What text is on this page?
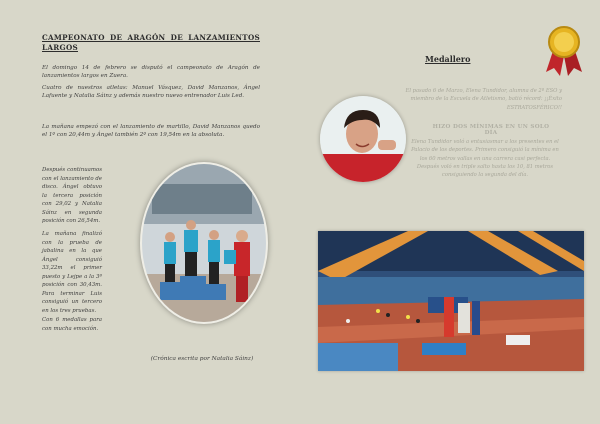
CAMPEONATO DE ARAGÓN DE LANZAMIENTOS LARGOS
El domingo 14 de febrero se disputó el campeonato de Aragón de lanzamientos largos en Zuera.
Cuatro de nuestros atletas: Manuel Vásquez, David Manzanos, Ángel Lafuente y Natalia Sáinz y además nuestro nuevo entrenador Luis Led.
La mañana empezó con el lanzamiento de martillo, David Manzanos quedo el 1º con 20,44m y Ángel también 2º con 19,54m en la absoluta.
Después continuamos con el lanzamiento de disco. Ángel obtuvo la tercera posición con 29,02 y Natalia Sáinz en segunda posición con 26,54m.
La mañana finalizó con la prueba de jabalina en la que Ángel consiguió 33,22m el primer puesto y Lejpe a la 3ª posición con 30,43m. Para terminar Luis consiguió un tercero en los tres pruebas.
Con 6 medallas para con mucha emoción.
(Crónica escrita por Natalia Sáinz)
Medallero
El pasado 6 de Marzo, Elena Tundidor, alumna de 2º ESO y miembro de la Escuela de Atletismo, batió récord: ¡¡Éxito ESTRATOSFÉRICO!!
HIZO DOS MÍNIMAS EN UN SOLO DÍA
Elena Tundidor voló a entusiasmar a los presentes en el Palacio de los deportes. Primero consiguió la mínima en los 60 metros vallas en una carrera casi perfecta. Después voló en triple salto hasta los 10, 81 metros consiguiendo la segunda del día.
